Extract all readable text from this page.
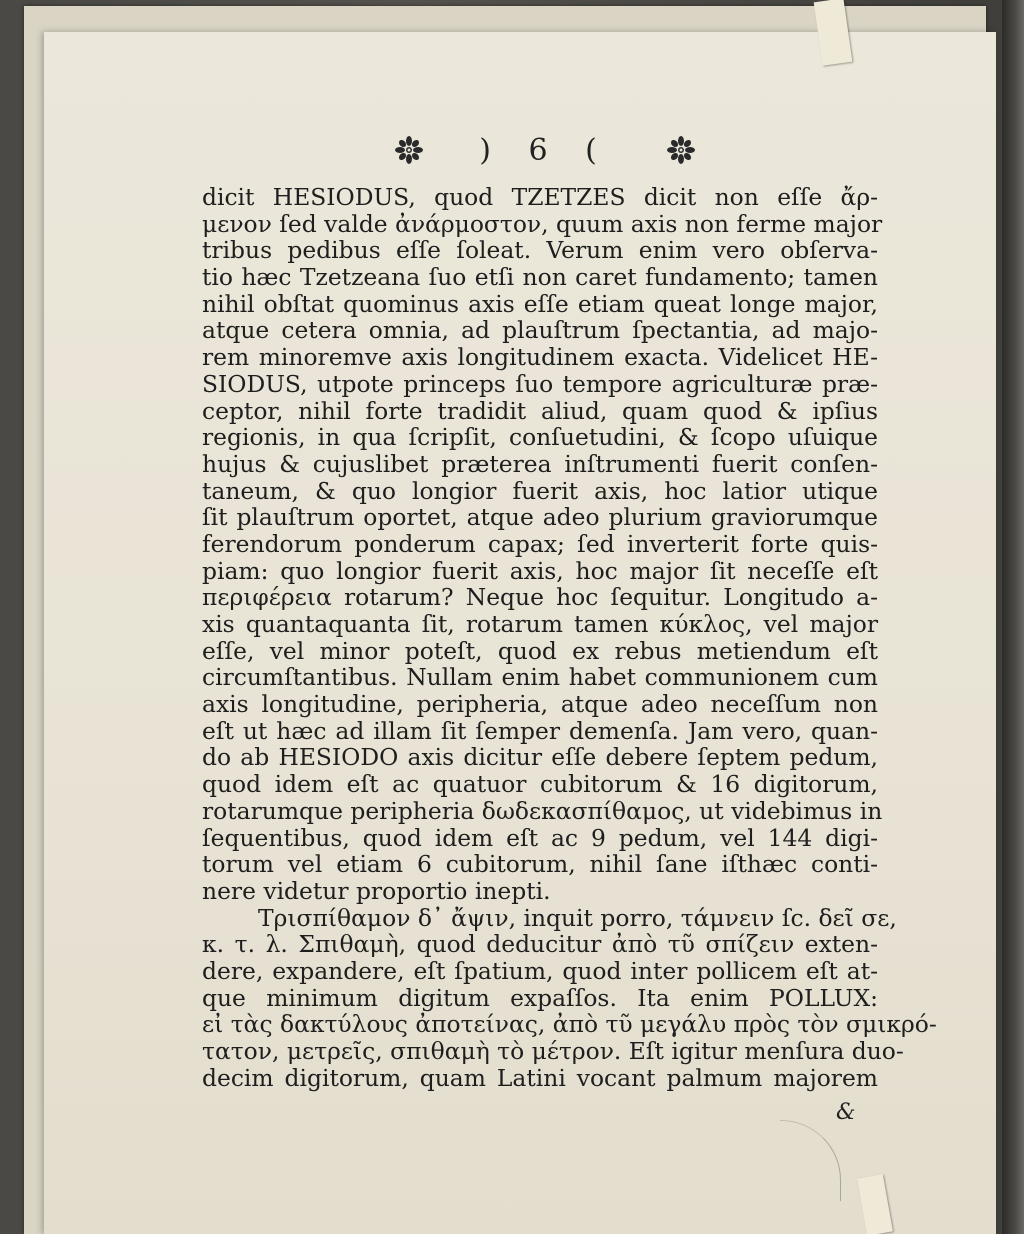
) 6 (
dicit HESIODUS, quod TZETZES dicit non eſſe ἄρ-
μενον ſed valde ἀνάρμοστον, quum axis non ferme major
tribus pedibus eſſe ſoleat. Verum enim vero obſerva-
tio hæc Tzetzeana ſuo etſi non caret fundamento; tamen
nihil obſtat quominus axis eſſe etiam queat longe major,
atque cetera omnia, ad plauſtrum ſpectantia, ad majo-
rem minoremve axis longitudinem exacta. Videlicet HE-
SIODUS, utpote princeps ſuo tempore agriculturæ præ-
ceptor, nihil forte tradidit aliud, quam quod & ipſius
regionis, in qua ſcripſit, conſuetudini, & ſcopo uſuique
hujus & cujuslibet præterea inſtrumenti fuerit conſen-
taneum, & quo longior fuerit axis, hoc latior utique
ſit plauſtrum oportet, atque adeo plurium graviorumque
ferendorum ponderum capax; ſed inverterit forte quis-
piam: quo longior fuerit axis, hoc major ſit neceſſe eſt
περιφέρεια rotarum? Neque hoc ſequitur. Longitudo a-
xis quantaquanta ſit, rotarum tamen κύκλος, vel major
eſſe, vel minor poteſt, quod ex rebus metiendum eſt
circumſtantibus. Nullam enim habet communionem cum
axis longitudine, peripheria, atque adeo neceſſum non
eſt ut hæc ad illam ſit ſemper demenſa. Jam vero, quan-
do ab HESIODO axis dicitur eſſe debere ſeptem pedum,
quod idem eſt ac quatuor cubitorum & 16 digitorum,
rotarumque peripheria δωδεκασπίθαμος, ut videbimus in
ſequentibus, quod idem eſt ac 9 pedum, vel 144 digi-
torum vel etiam 6 cubitorum, nihil ſane iſthæc conti-
nere videtur proportio inepti.
Τρισπίθαμον δ᾽ ἄψιν, inquit porro, τάμνειν ſc. δεῖ σε,
κ. τ. λ. Σπιθαμὴ, quod deducitur ἀπὸ τῦ σπίζειν exten-
dere, expandere, eſt ſpatium, quod inter pollicem eſt at-
que minimum digitum expaſſos. Ita enim POLLUX:
εἰ τὰς δακτύλους ἀποτείνας, ἀπὸ τῦ μεγάλυ πρὸς τὸν σμικρό-
τατον, μετρεῖς, σπιθαμὴ τὸ μέτρον. Eſt igitur menſura duo-
decim digitorum, quam Latini vocant palmum majorem
&
